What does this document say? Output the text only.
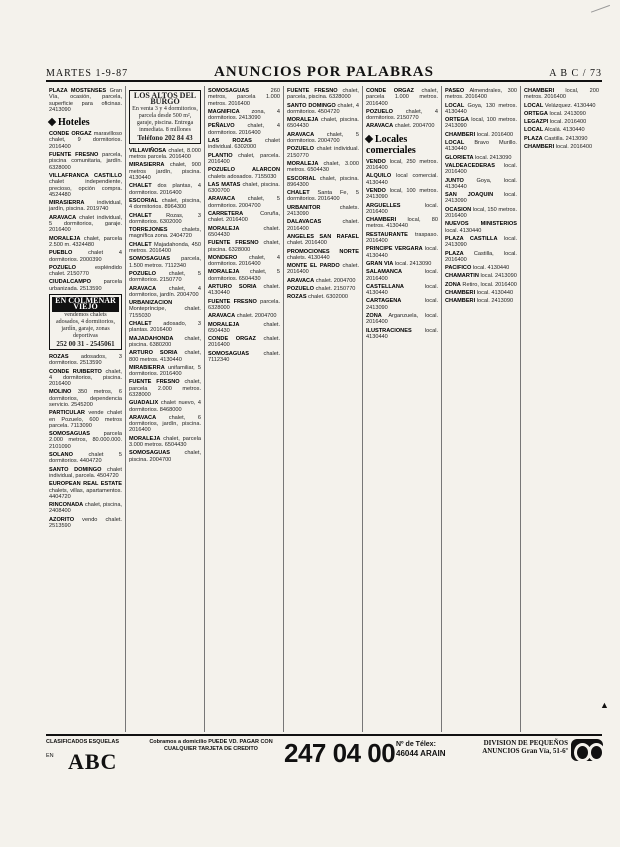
MARTES 1-9-87	ANUNCIOS POR PALABRAS	A B C / 73
PLAZA MOSTENSES Gran Vía, ocasión, parcela, superficie para oficinas. 2413090
Hoteles
CONDE ORGAZ maravilloso chalet, 9 dormitorios. 2016400
FUENTE FRESNO parcela, piscina comunitaria, jardín. 6328000
VILLAFRANCA CASTILLO chalet independiente, precioso, opción compra. 4524480
MIRASIERRA individual, jardín, piscina. 2019740
ARAVACA chalet individual, 5 dormitorios, garaje. 2016400
MORALEJA chalet, parcela 2.500 m. 4324480
PUEBLO	chalet 4 dormitorios. 2000390
POZUELO	espléndido chalet. 2150770
CIUDALCAMPO parcela urbanizada. 2513590
EN COLMENAR VIEJO
vendemos chalets adosados, 4 dormitorios, jardín, garaje, zonas deportivas
252 00 31 - 2545061
ROZAS adosados, 3 dormitorios. 2513590
CONDE RUIBERTO chalet, 4 dormitorios, piscina. 2016400
MOLINO 350 metros, 6 dormitorios, dependencia servicio. 2545200
PARTICULAR vende chalet en Pozuelo, 600 metros parcela. 7113090
SOMOSAGUAS parcela 2.000 metros, 80.000.000. 2101090
SOLANO	chalet 5 dormitorios. 4404720
SANTO DOMINGO chalet individual, parcela. 4504720
EUROPEAN REAL ESTATE chalets, villas, apartamentos. 4404720
RINCONADA chalet, piscina, 2408400
AZORITO vendo chalet. 2513590
LOS ALTOS DEL BURGO
En venta 3 y 4 dormitorios, parcela desde 500 m², garaje, piscina. Entrega inmediata. 8 millones
Teléfono 202 84 43
VILLAVIÑOSA chalet, 8.000 metros parcela. 2016400
MIRASIERRA chalet, 900 metros jardín, piscina. 4130440
CHALET dos plantas, 4 dormitorios. 2016400
ESCORIAL chalet, piscina, 4 dormitorios. 8964300
CHALET	Rozas, 3 dormitorios. 6302000
TORREJONES	chalets, magnífica zona. 2404720
CHALET Majadahonda, 450 metros. 2016400
SOMOSAGUAS parcela, 1.500 metros. 7112340
POZUELO chalet, 5 dormitorios. 2150770
ARAVACA chalet, 4 dormitorios, jardín. 2004700
URBANIZACION Montepríncipe, chalet. 7155030
CHALET adosado, 3 plantas. 2016400
MAJADAHONDA chalet, piscina. 6380200
ARTURO SORIA chalet, 800 metros. 4130440
MIRABIERRA unifamiliar, 5 dormitorios. 2016400
FUENTE FRESNO chalet, parcela 2.000 metros. 6328000
GUADALIX chalet nuevo, 4 dormitorios. 8468000
ARAVACA chalet, 6 dormitorios, jardín, piscina. 2016400
MORALEJA chalet, parcela 3.000 metros. 6504430
SOMOSAGUAS	chalet, piscina. 2004700
SOMOSAGUAS	260 metros, parcela 1.000 metros. 2016400
MAGNIFICA zona, 4 dormitorios. 2413090
PEÑALVO chalet, 4 dormitorios. 2016400
LAS ROZAS chalet individual. 6302000
PLANTIO chalet, parcela. 2016400
POZUELO ALARCON chalets adosados. 7155030
LAS MATAS chalet, piscina. 6300700
ARAVACA chalet, 5 dormitorios. 2004700
CARRETERA	Coruña, chalet. 2016400
MORALEJA	chalet. 6504430
FUENTE FRESNO chalet, piscina. 6328000
MONDERO chalet, 4 dormitorios. 2016400
MORALEJA chalet, 5 dormitorios. 6504430
ARTURO SORIA chalet. 4130440
FUENTE FRESNO parcela. 6328000
ARAVACA chalet. 2004700
MORALEJA	chalet. 6504430
CONDE ORGAZ chalet. 2016400
SOMOSAGUAS	chalet. 7112340
FUENTE FRESNO chalet, parcela, piscina. 6328000
SANTO DOMINGO chalet, 4 dormitorios. 4504720
MORALEJA chalet, piscina. 6504430
ARAVACA chalet, 5 dormitorios. 2004700
POZUELO chalet individual. 2150770
MORALEJA chalet, 3.000 metros. 6504430
ESCORIAL chalet, piscina. 8964300
CHALET Santa Fe, 5 dormitorios. 2016400
URBANITOR	chalets. 2413090
DALAVACAS	chalet. 2016400
ANGELES SAN RAFAEL chalet. 2016400
PROMOCIONES NORTE chalets. 4130440
MONTE EL PARDO chalet. 2016400
ARAVACA chalet. 2004700
POZUELO chalet. 2150770
ROZAS chalet. 6302000
CONDE ORGAZ chalet, parcela 1.000 metros. 2016400
POZUELO chalet, 4 dormitorios. 2150770
ARAVACA chalet. 2004700
Locales comerciales
VENDO local, 250 metros. 2016400
ALQUILO local comercial. 4130440
VENDO local, 100 metros. 2413090
ARGUELLES	local. 2016400
CHAMBERI local, 80 metros. 4130440
RESTAURANTE traspaso. 2016400
PRINCIPE VERGARA local. 4130440
GRAN VIA local. 2413090
SALAMANCA	local. 2016400
CASTELLANA	local. 4130440
CARTAGENA	local. 2413090
ZONA Arganzuela, local. 2016400
ILUSTRACIONES local. 4130440
PASEO Almendrales, 300 metros. 2016400
LOCAL Goya, 130 metros. 4130440
ORTEGA local, 100 metros. 2413090
CHAMBERI local. 2016400
LOCAL Bravo Murillo. 4130440
GLORIETA local. 2413090
VALDEACEDERAS local. 2016400
JUNTO Goya, local. 4130440
SAN JOAQUIN local. 2413090
OCASION local, 150 metros. 2016400
NUEVOS MINISTERIOS local. 4130440
PLAZA CASTILLA local. 2413090
PLAZA Castilla, local. 2016400
PACIFICO local. 4130440
CHAMARTIN local. 2413090
ZONA Retiro, local. 2016400
CHAMBERI local. 4130440
CHAMBERI local. 2413090
CHAMBERI local, 200 metros. 2016400
LOCAL Velázquez. 4130440
ORTEGA local. 2413090
LEGAZPI local. 2016400
LOCAL Alcalá. 4130440
PLAZA Castilla. 2413090
CHAMBERI local. 2016400
CLASIFICADOS ESQUELAS
EN ABC
Cobramos a domicilio PUEDE VD. PAGAR CON CUALQUIER TARJETA DE CREDITO	247 04 00 Nº de Télex:
46044 ARAIN
DIVISION DE PEQUEÑOS ANUNCIOS Gran Vía, 51-6º
▲
